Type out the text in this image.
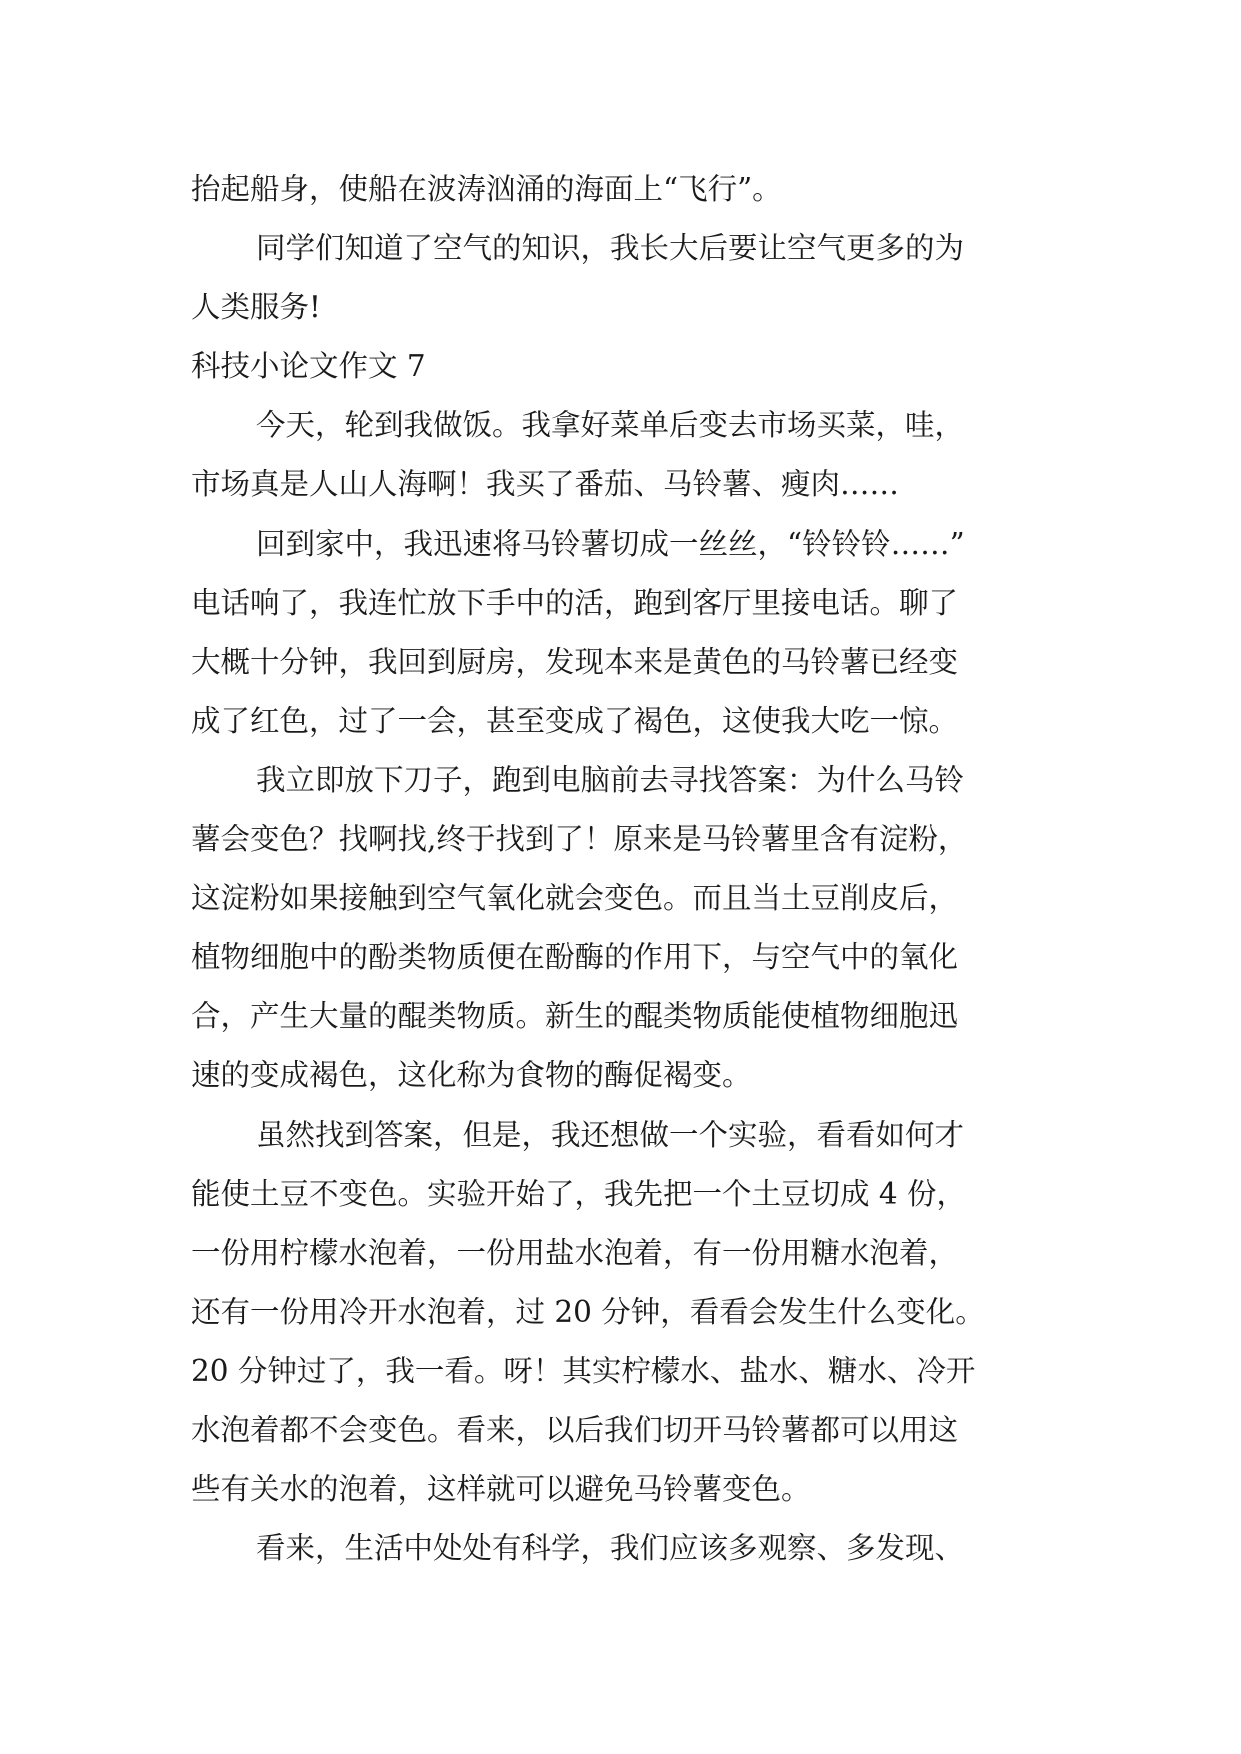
抬起船身，使船在波涛汹涌的海面上“飞行”。
同学们知道了空气的知识，我长大后要让空气更多的为
人类服务!
科技小论文作文 7
今天，轮到我做饭。我拿好菜单后变去市场买菜，哇，
市场真是人山人海啊！我买了番茄、马铃薯、瘦肉……
回到家中，我迅速将马铃薯切成一丝丝，“铃铃铃……”
电话响了，我连忙放下手中的活，跑到客厅里接电话。聊了
大概十分钟，我回到厨房，发现本来是黄色的马铃薯已经变
成了红色，过了一会，甚至变成了褐色，这使我大吃一惊。
我立即放下刀子，跑到电脑前去寻找答案：为什么马铃
薯会变色？找啊找,终于找到了！原来是马铃薯里含有淀粉，
这淀粉如果接触到空气氧化就会变色。而且当土豆削皮后，
植物细胞中的酚类物质便在酚酶的作用下，与空气中的氧化
合，产生大量的醌类物质。新生的醌类物质能使植物细胞迅
速的变成褐色，这化称为食物的酶促褐变。
虽然找到答案，但是，我还想做一个实验，看看如何才
能使土豆不变色。实验开始了，我先把一个土豆切成 4 份，
一份用柠檬水泡着，一份用盐水泡着，有一份用糖水泡着，
还有一份用冷开水泡着，过 20 分钟，看看会发生什么变化。
20 分钟过了，我一看。呀！其实柠檬水、盐水、糖水、冷开
水泡着都不会变色。看来，以后我们切开马铃薯都可以用这
些有关水的泡着，这样就可以避免马铃薯变色。
看来，生活中处处有科学，我们应该多观察、多发现、
